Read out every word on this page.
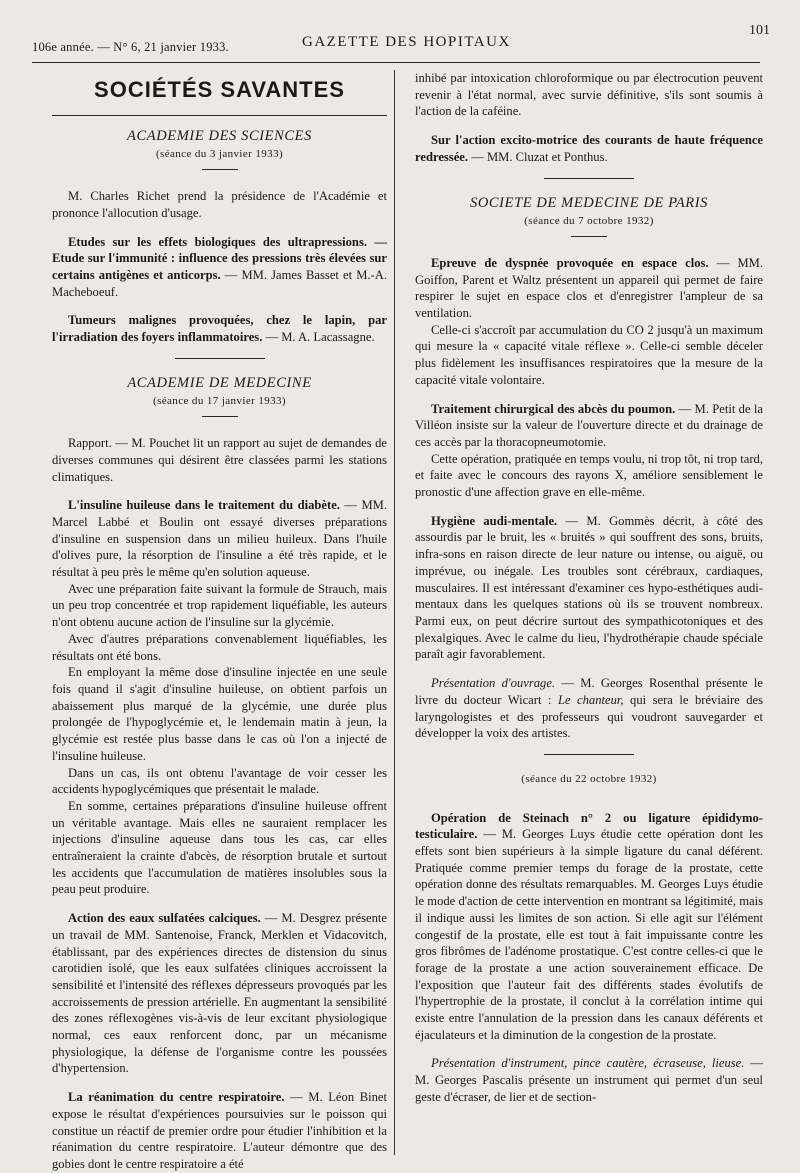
106e année. — N° 6, 21 janvier 1933.	GAZETTE DES HOPITAUX
101
SOCIÉTÉS SAVANTES
ACADEMIE DES SCIENCES
(séance du 3 janvier 1933)

M. Charles Richet prend la présidence de l'Académie et prononce l'allocution d'usage.

Etudes sur les effets biologiques des ultrapressions. — Etude sur l'immunité : influence des pressions très élevées sur certains antigènes et anticorps. — MM. James Basset et M.-A. Macheboeuf.

Tumeurs malignes provoquées, chez le lapin, par l'irradiation des foyers inflammatoires. — M. A. Lacassagne.

ACADEMIE DE MEDECINE
(séance du 17 janvier 1933)

Rapport. — M. Pouchet lit un rapport au sujet de demandes de diverses communes qui désirent être classées parmi les stations climatiques.

L'insuline huileuse dans le traitement du diabète. — MM. Marcel Labbé et Boulin ont essayé diverses préparations d'insuline en suspension dans un milieu huileux. Dans l'huile d'olives pure, la résorption de l'insuline a été très rapide, et le résultat à peu près le même qu'en solution aqueuse.

Avec une préparation faite suivant la formule de Strauch, mais un peu trop concentrée et trop rapidement liquéfiable, les auteurs n'ont obtenu aucune action de l'insuline sur la glycémie.

Avec d'autres préparations convenablement liquéfiables, les résultats ont été bons.

En employant la même dose d'insuline injectée en une seule fois quand il s'agit d'insuline huileuse, on obtient parfois un abaissement plus marqué de la glycémie, une durée plus prolongée de l'hypoglycémie et, le lendemain matin à jeun, la glycémie est restée plus basse dans le cas où l'on a injecté de l'insuline huileuse.

Dans un cas, ils ont obtenu l'avantage de voir cesser les accidents hypoglycémiques que présentait le malade.

En somme, certaines préparations d'insuline huileuse offrent un véritable avantage. Mais elles ne sauraient remplacer les injections d'insuline aqueuse dans tous les cas, car elles entraîneraient la crainte d'abcès, de résorption brutale et surtout les accidents que l'accumulation de matières insolubles sous la peau peut produire.

Action des eaux sulfatées calciques. — M. Desgrez présente un travail de MM. Santenoise, Franck, Merklen et Vidacovitch, établissant, par des expériences directes de distension du sinus carotidien isolé, que les eaux sulfatées cliniques accroissent la sensibilité et l'intensité des réflexes dépresseurs provoqués par les accroissements de pression artérielle. En augmentant la sensibilité des zones réflexogènes vis-à-vis de leur excitant physiologique normal, ces eaux renforcent donc, par un mécanisme physiologique, la défense de l'organisme contre les poussées d'hypertension.

La réanimation du centre respiratoire. — M. Léon Binet expose le résultat d'expériences poursuivies sur le poisson qui constitue un réactif de premier ordre pour étudier l'inhibition et la réanimation du centre respiratoire. L'auteur démontre que des gobies dont le centre respiratoire a été

inhibé par intoxication chloroformique ou par électrocution peuvent revenir à l'état normal, avec survie définitive, s'ils sont soumis à l'action de la caféine.

Sur l'action excito-motrice des courants de haute fréquence redressée. — MM. Cluzat et Ponthus.

SOCIETE DE MEDECINE DE PARIS
(séance du 7 octobre 1932)

Epreuve de dyspnée provoquée en espace clos. — MM. Goiffon, Parent et Waltz présentent un appareil qui permet de faire respirer le sujet en espace clos et d'enregistrer l'ampleur de sa ventilation.

Celle-ci s'accroît par accumulation du CO 2 jusqu'à un maximum qui mesure la « capacité vitale réflexe ». Celle-ci semble déceler plus fidèlement les insuffisances respiratoires que la mesure de la capacité vitale volontaire.

Traitement chirurgical des abcès du poumon. — M. Petit de la Villéon insiste sur la valeur de l'ouverture directe et du drainage de ces accès par la thoracopneumotomie.

Cette opération, pratiquée en temps voulu, ni trop tôt, ni trop tard, et faite avec le concours des rayons X, améliore sensiblement le pronostic d'une affection grave en elle-même.

Hygiène audi-mentale. — M. Gommès décrit, à côté des assourdis par le bruit, les « bruités » qui souffrent des sons, bruits, infra-sons en raison directe de leur nature ou intense, ou aiguë, ou imprévue, ou inégale. Les troubles sont cérébraux, cardiaques, musculaires. Il est intéressant d'examiner ces hypo-esthétiques audi-mentaux dans les quelques stations où ils se trouvent nombreux. Parmi eux, on peut décrire surtout des sympathicotoniques et des plexalgiques. Avec le calme du lieu, l'hydrothérapie chaude spéciale paraît agir favorablement.

Présentation d'ouvrage. — M. Georges Rosenthal présente le livre du docteur Wicart : Le chanteur, qui sera le bréviaire des laryngologistes et des professeurs qui voudront sauvegarder et développer la voix des artistes.

(séance du 22 octobre 1932)

Opération de Steinach n° 2 ou ligature épididymo-testiculaire. — M. Georges Luys étudie cette opération dont les effets sont bien supérieurs à la simple ligature du canal déférent. Pratiquée comme premier temps du forage de la prostate, cette opération donne des résultats remarquables. M. Georges Luys étudie le mode d'action de cette intervention en montrant sa légitimité, mais il indique aussi les limites de son action. Si elle agit sur l'élément congestif de la prostate, elle est tout à fait impuissante contre les gros fibrômes de l'adénome prostatique. C'est contre celles-ci que le forage de la prostate a une action souverainement efficace. De l'exposition que l'auteur fait des différents stades évolutifs de l'hypertrophie de la prostate, il conclut à la corrélation intime qui existe entre l'annulation de la pression dans les canaux déférents et éjaculateurs et la diminution de la congestion de la prostate.

Présentation d'instrument, pince cautère, écraseuse, lieuse. — M. Georges Pascalis présente un instrument qui permet d'un seul geste d'écraser, de lier et de section-
